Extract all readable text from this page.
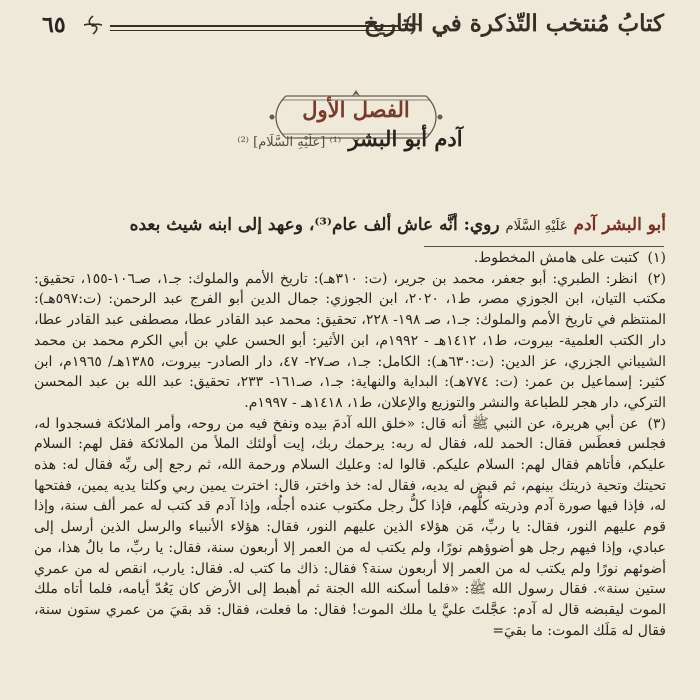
٦٥	كتابُ مُنتخب التّذكرة في التاريخ
الفصل الأول
آدم أبو البشر ⁽¹⁾ [عَلَيْهِ السَّلَام] ⁽²⁾
أبو البشر آدم عَلَيْهِ السَّلَام روي: أنَّه عاش ألف عام⁽³⁾، وعهد إلى ابنه شيث بعده

(١) كتبت على هامش المخطوط.

(٢) انظر: الطبري: أبو جعفر، محمد بن جرير، (ت: ٣١٠هـ): تاريخ الأمم والملوك: جـ١، صـ١٠٦-١٥٥، تحقيق: مكتب التيان، ابن الجوزي مصر، ط١، ٢٠٢٠، ابن الجوزي: جمال الدين أبو الفرج عبد الرحمن: (ت:٥٩٧هـ): المنتظم في تاريخ الأمم والملوك: جـ١، صـ ١٩٨- ٢٢٨، تحقيق: محمد عبد القادر عطا، مصطفى عبد القادر عطا، دار الكتب العلمية- بيروت، ط١، ١٤١٢هـ - ١٩٩٢م، ابن الأثير: أبو الحسن علي بن أبي الكرم محمد بن محمد الشيباني الجزري، عز الدين: (ت:٦٣٠هـ): الكامل: جـ١، صـ٢٧- ٤٧، دار الصادر- بيروت، ١٣٨٥هـ/ ١٩٦٥م، ابن كثير: إسماعيل بن عمر: (ت: ٧٧٤هـ): البداية والنهاية: جـ١، صـ١٦١- ٢٣٣، تحقيق: عبد الله بن عبد المحسن التركي، دار هجر للطباعة والنشر والتوزيع والإعلان، ط١، ١٤١٨هـ - ١٩٩٧م.

(٣) عن أبي هريرة، عن النبي ﷺ أنه قال: «خلق الله آدمَ بيده ونفخ فيه من روحه، وأمر الملائكة فسجدوا له، فجلس فعطَس فقال: الحمد لله، فقال له ربه: يرحمك ربك، إيت أولئك الملأ من الملائكة فقل لهم: السلام عليكم، فأتاهم فقال لهم: السلام عليكم. قالوا له: وعليك السلام ورحمة الله، ثم رجع إلى ربِّه فقال له: هذه تحيتك وتحية ذريتك بينهم، ثم قبض له يديه، فقال له: خذ واختر، قال: اخترت يمين ربي وكلتا يديه يمين، ففتحها له، فإذا فيها صورة آدم وذريته كلُّهم، فإذا كلُّ رجل مكتوب عنده أجلُه، وإذا آدم قد كتب له عمر ألف سنة، وإذا قوم عليهم النور، فقال: يا ربِّ، مَن هؤلاء الذين عليهم النور، فقال: هؤلاء الأنبياء والرسل الذين أرسل إلى عبادي، وإذا فيهم رجل هو أضوؤهم نورًا، ولم يكتب له من العمر إلا أربعون سنة، فقال: يا ربِّ، ما بالُ هذا، من أضوئهم نورًا ولم يكتب له من العمر إلا أربعون سنة؟ فقال: ذاك ما كتب له. فقال: يارب، انقص له من عمري ستين سنة». فقال رسول الله ﷺ: «فلما أسكنه الله الجنة ثم أهبط إلى الأرض كان يَعُدّ أيامه، فلما أتاه ملك الموت ليقبضه قال له آدم: عجَّلتَ عليَّ يا ملك الموت! فقال: ما فعلت، فقال: قد بقيَ من عمري ستون سنة، فقال له مَلَك الموت: ما بقيَ=
